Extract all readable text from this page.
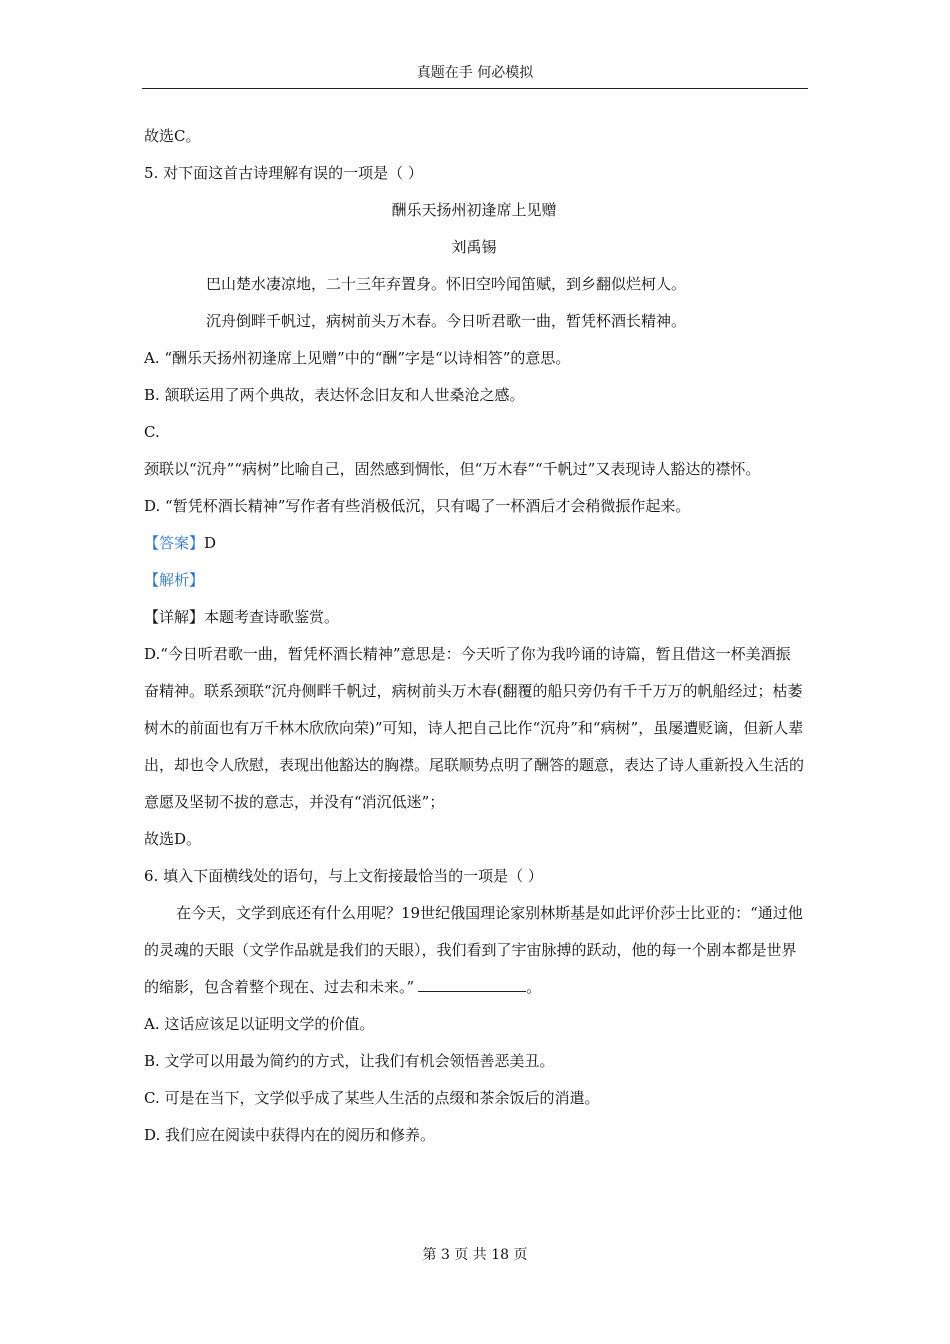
真题在手 何必模拟

故选C。

5. 对下面这首古诗理解有误的一项是（ ）

酬乐天扬州初逢席上见赠

刘禹锡

巴山楚水凄凉地，二十三年弃置身。怀旧空吟闻笛赋，到乡翻似烂柯人。

沉舟倒畔千帆过，病树前头万木春。今日听君歌一曲，暂凭杯酒长精神。

A. “酬乐天扬州初逢席上见赠”中的“酬”字是“以诗相答”的意思。

B. 颔联运用了两个典故，表达怀念旧友和人世桑沧之感。

C.

颈联以“沉舟”“病树”比喻自己，固然感到惆怅，但“万木春”“千帆过”又表现诗人豁达的襟怀。

D. “暂凭杯酒长精神”写作者有些消极低沉，只有喝了一杯酒后才会稍微振作起来。

【答案】D

【解析】

【详解】本题考查诗歌鉴赏。

D.“今日听君歌一曲，暂凭杯酒长精神”意思是：今天听了你为我吟诵的诗篇，暂且借这一杯美酒振奋精神。联系颈联“沉舟侧畔千帆过，病树前头万木春(翻覆的船只旁仍有千千万万的帆船经过；枯萎树木的前面也有万千林木欣欣向荣)”可知，诗人把自己比作“沉舟”和“病树”，虽屡遭贬谪，但新人辈出，却也令人欣慰，表现出他豁达的胸襟。尾联顺势点明了酬答的题意，表达了诗人重新投入生活的意愿及坚韧不拔的意志，并没有“消沉低迷”；

故选D。

6. 填入下面横线处的语句，与上文衔接最恰当的一项是（ ）

在今天，文学到底还有什么用呢？19世纪俄国理论家别林斯基是如此评价莎士比亚的：“通过他的灵魂的天眼（文学作品就是我们的天眼），我们看到了宇宙脉搏的跃动，他的每一个剧本都是世界的缩影，包含着整个现在、过去和未来。”	。

A. 这话应该足以证明文学的价值。

B. 文学可以用最为简约的方式，让我们有机会领悟善恶美丑。

C. 可是在当下，文学似乎成了某些人生活的点缀和茶余饭后的消遣。

D. 我们应在阅读中获得内在的阅历和修养。

第 3 页 共 18 页
